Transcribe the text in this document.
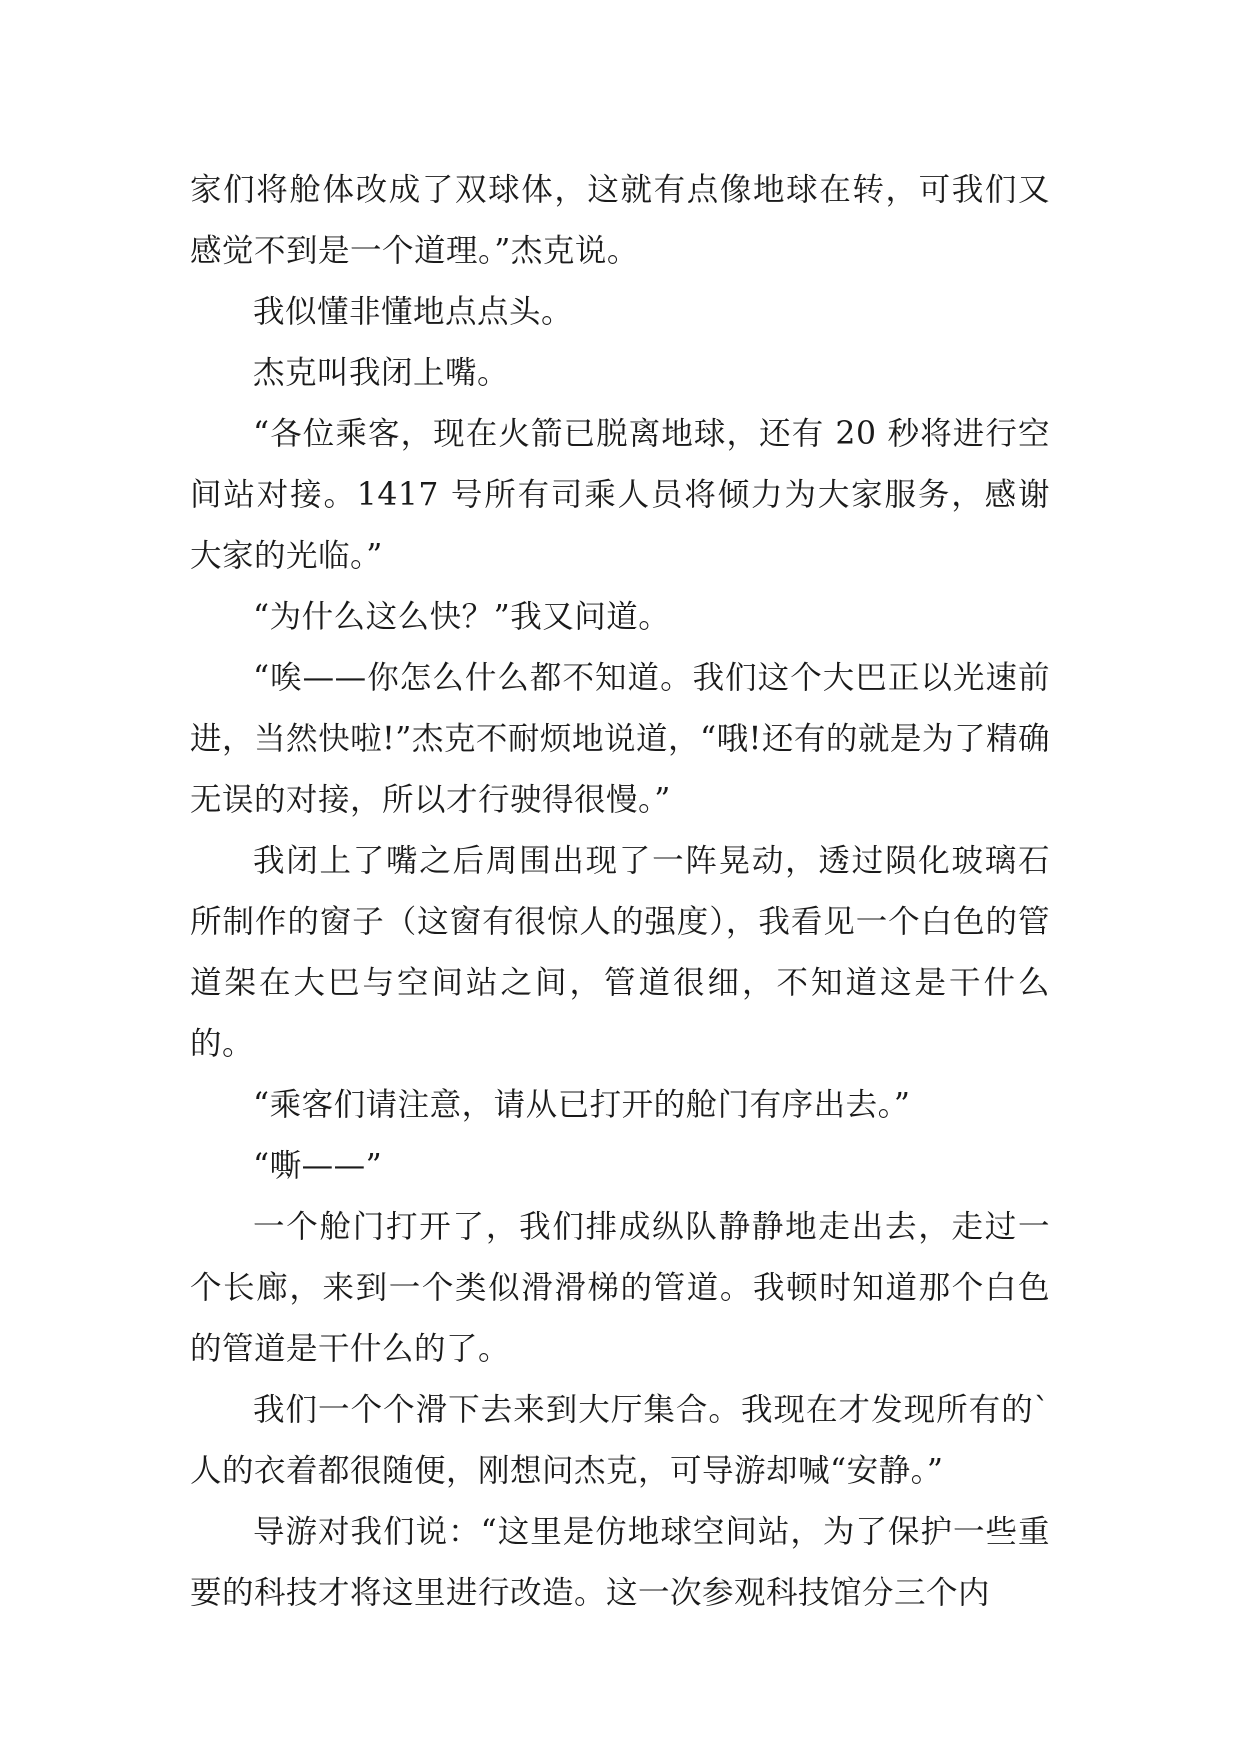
家们将舱体改成了双球体，这就有点像地球在转，可我们又感觉不到是一个道理。”杰克说。

我似懂非懂地点点头。

杰克叫我闭上嘴。

“各位乘客，现在火箭已脱离地球，还有 20 秒将进行空间站对接。1417 号所有司乘人员将倾力为大家服务，感谢大家的光临。”

“为什么这么快？”我又问道。

“唉——你怎么什么都不知道。我们这个大巴正以光速前进，当然快啦!”杰克不耐烦地说道，“哦!还有的就是为了精确无误的对接，所以才行驶得很慢。”

我闭上了嘴之后周围出现了一阵晃动，透过陨化玻璃石所制作的窗子（这窗有很惊人的强度），我看见一个白色的管道架在大巴与空间站之间，管道很细，不知道这是干什么的。

“乘客们请注意，请从已打开的舱门有序出去。”

“嘶——”

一个舱门打开了，我们排成纵队静静地走出去，走过一个长廊，来到一个类似滑滑梯的管道。我顿时知道那个白色的管道是干什么的了。

我们一个个滑下去来到大厅集合。我现在才发现所有的`人的衣着都很随便，刚想问杰克，可导游却喊“安静。”

导游对我们说：“这里是仿地球空间站，为了保护一些重要的科技才将这里进行改造。这一次参观科技馆分三个内
